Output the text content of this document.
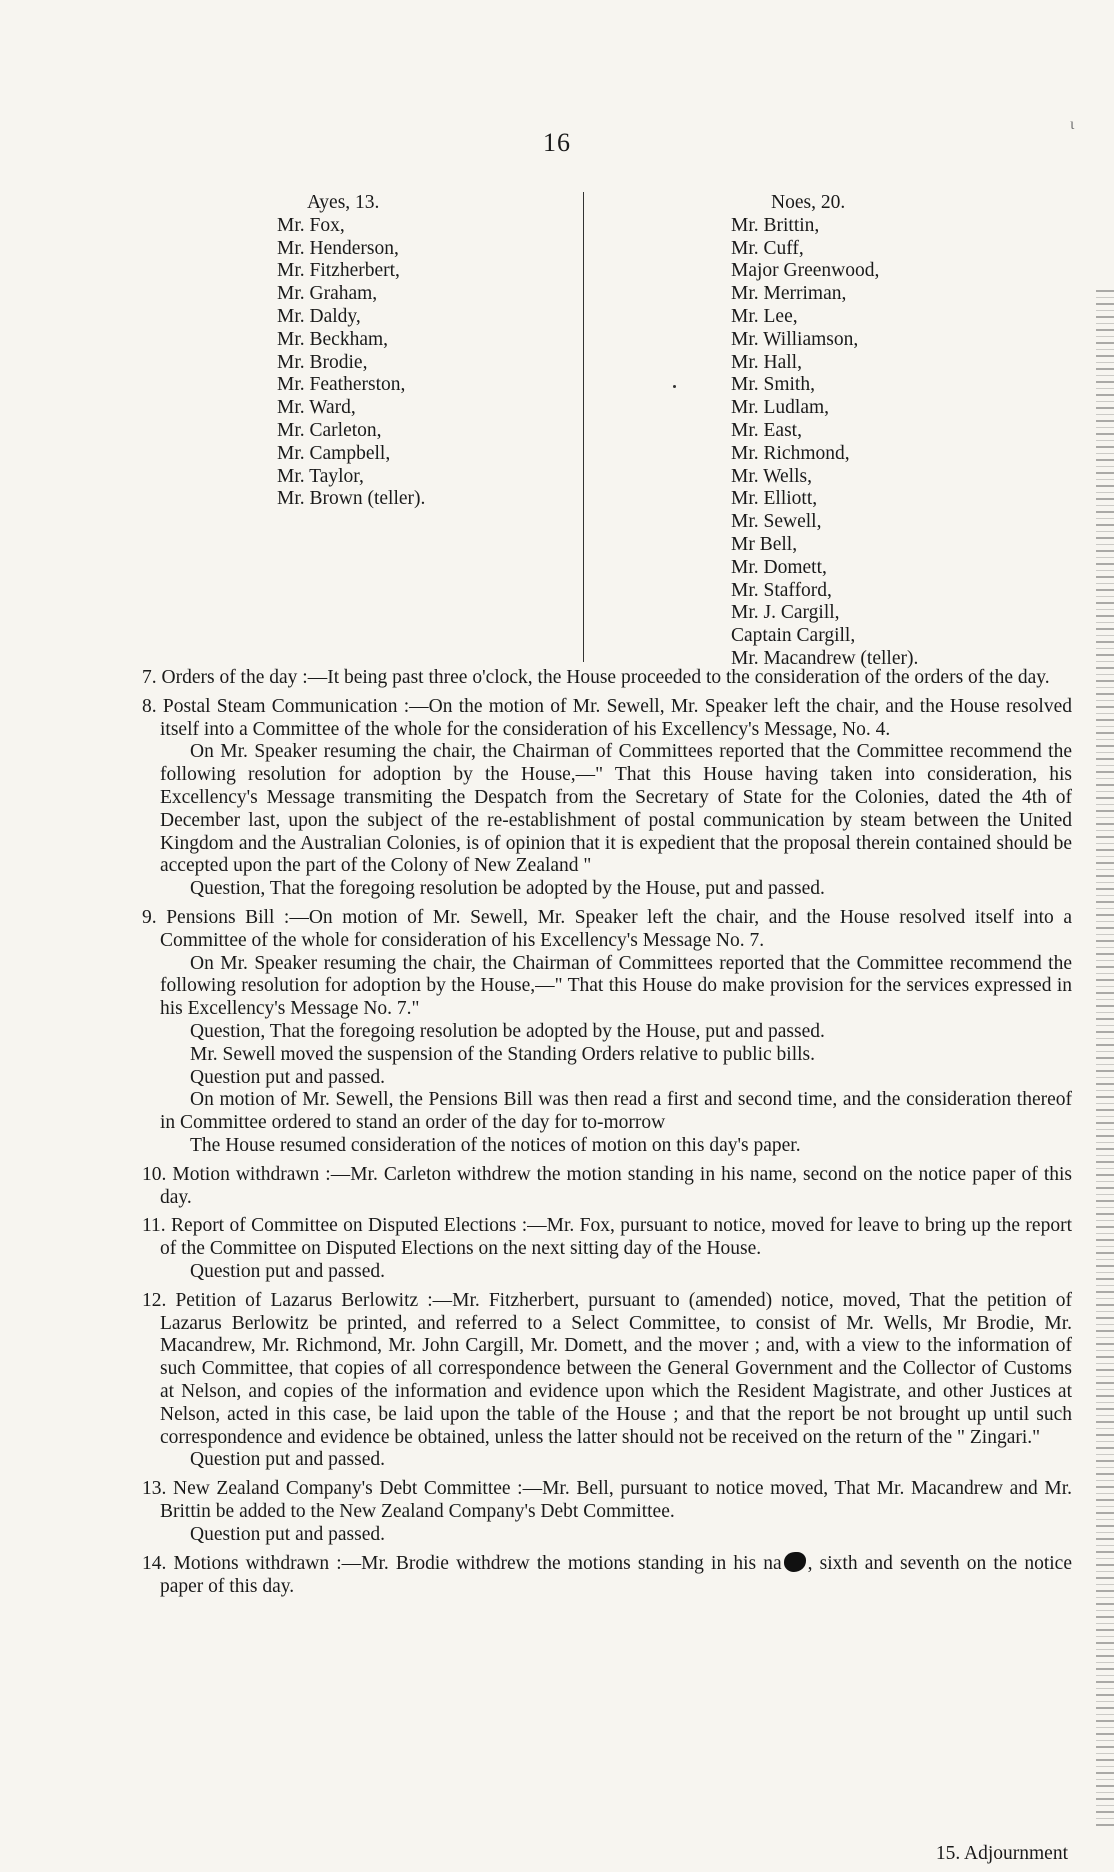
ɩ
16
Ayes, 13.
Mr. Fox,
Mr. Henderson,
Mr. Fitzherbert,
Mr. Graham,
Mr. Daldy,
Mr. Beckham,
Mr. Brodie,
Mr. Featherston,
Mr. Ward,
Mr. Carleton,
Mr. Campbell,
Mr. Taylor,
Mr. Brown (teller).
Noes, 20.
Mr. Brittin,
Mr. Cuff,
Major Greenwood,
Mr. Merriman,
Mr. Lee,
Mr. Williamson,
Mr. Hall,
Mr. Smith,
Mr. Ludlam,
Mr. East,
Mr. Richmond,
Mr. Wells,
Mr. Elliott,
Mr. Sewell,
Mr Bell,
Mr. Domett,
Mr. Stafford,
Mr. J. Cargill,
Captain Cargill,
Mr. Macandrew (teller).
7. Orders of the day :—It being past three o'clock, the House proceeded to the consideration of the orders of the day.
8. Postal Steam Communication :—On the motion of Mr. Sewell, Mr. Speaker left the chair, and the House resolved itself into a Committee of the whole for the consideration of his Excellency's Message, No. 4.
On Mr. Speaker resuming the chair, the Chairman of Committees reported that the Committee recommend the following resolution for adoption by the House,—" That this House having taken into consideration, his Excellency's Message transmiting the Despatch from the Secretary of State for the Colonies, dated the 4th of December last, upon the subject of the re-establishment of postal communication by steam between the United Kingdom and the Australian Colonies, is of opinion that it is expedient that the proposal therein contained should be accepted upon the part of the Colony of New Zealand "
Question, That the foregoing resolution be adopted by the House, put and passed.
9. Pensions Bill :—On motion of Mr. Sewell, Mr. Speaker left the chair, and the House resolved itself into a Committee of the whole for consideration of his Excellency's Message No. 7.
On Mr. Speaker resuming the chair, the Chairman of Committees reported that the Committee recommend the following resolution for adoption by the House,—" That this House do make provision for the services expressed in his Excellency's Message No. 7."
Question, That the foregoing resolution be adopted by the House, put and passed.
Mr. Sewell moved the suspension of the Standing Orders relative to public bills.
Question put and passed.
On motion of Mr. Sewell, the Pensions Bill was then read a first and second time, and the consideration thereof in Committee ordered to stand an order of the day for to-morrow
The House resumed consideration of the notices of motion on this day's paper.
10. Motion withdrawn :—Mr. Carleton withdrew the motion standing in his name, second on the notice paper of this day.
11. Report of Committee on Disputed Elections :—Mr. Fox, pursuant to notice, moved for leave to bring up the report of the Committee on Disputed Elections on the next sitting day of the House.
Question put and passed.
12. Petition of Lazarus Berlowitz :—Mr. Fitzherbert, pursuant to (amended) notice, moved, That the petition of Lazarus Berlowitz be printed, and referred to a Select Committee, to consist of Mr. Wells, Mr Brodie, Mr. Macandrew, Mr. Richmond, Mr. John Cargill, Mr. Domett, and the mover ; and, with a view to the information of such Committee, that copies of all correspondence between the General Government and the Collector of Customs at Nelson, and copies of the information and evidence upon which the Resident Magistrate, and other Justices at Nelson, acted in this case, be laid upon the table of the House ; and that the report be not brought up until such correspondence and evidence be obtained, unless the latter should not be received on the return of the " Zingari."
Question put and passed.
13. New Zealand Company's Debt Committee :—Mr. Bell, pursuant to notice moved, That Mr. Macandrew and Mr. Brittin be added to the New Zealand Company's Debt Committee.
Question put and passed.
14. Motions withdrawn :—Mr. Brodie withdrew the motions standing in his na , sixth and seventh on the notice paper of this day.
15. Adjournment
